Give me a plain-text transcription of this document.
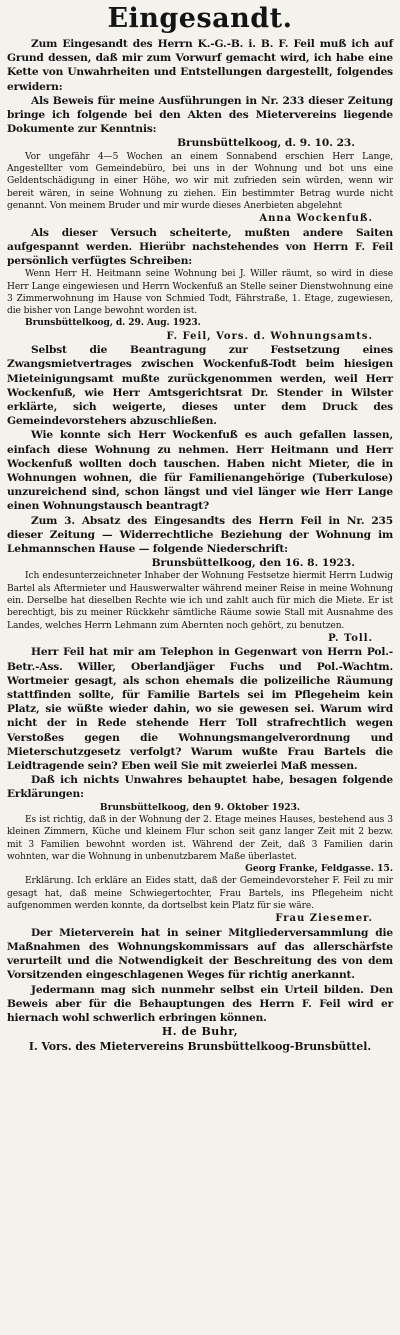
Eingesandt.

Zum Eingesandt des Herrn K.-G.-B. i. B. F. Feil muß ich auf Grund dessen, daß mir zum Vorwurf gemacht wird, ich habe eine Kette von Unwahrheiten und Entstellungen dargestellt, folgendes erwidern:

Als Beweis für meine Ausführungen in Nr. 233 dieser Zeitung bringe ich folgende bei den Akten des Mietervereins liegende Dokumente zur Kenntnis:

Brunsbüttelkoog, d. 9. 10. 23.

Vor ungefähr 4—5 Wochen an einem Sonnabend erschien Herr Lange, Angestellter vom Gemeindebüro, bei uns in der Wohnung und bot uns eine Geldentschädigung in einer Höhe, wo wir mit zufrieden sein würden, wenn wir bereit wären, in seine Wohnung zu ziehen. Ein bestimmter Betrag wurde nicht genannt. Von meinem Bruder und mir wurde dieses Anerbieten abgelehnt

Anna Wockenfuß.

Als dieser Versuch scheiterte, mußten andere Saiten aufgespannt werden. Hierübr nachstehendes von Herrn F. Feil persönlich verfügtes Schreiben:

Wenn Herr H. Heitmann seine Wohnung bei J. Willer räumt, so wird in diese Herr Lange eingewiesen und Herrn Wockenfuß an Stelle seiner Dienstwohnung eine 3 Zimmerwohnung im Hause von Schmied Todt, Fährstraße, 1. Etage, zugewiesen, die bisher von Lange bewohnt worden ist.

Brunsbüttelkoog, d. 29. Aug. 1923.

F. Feil, Vors. d. Wohnungsamts.

Selbst die Beantragung zur Festsetzung eines Zwangsmietvertrages zwischen Wockenfuß-Todt beim hiesigen Mieteinigungsamt mußte zurückgenommen werden, weil Herr Wockenfuß, wie Herr Amtsgerichtsrat Dr. Stender in Wilster erklärte, sich weigerte, dieses unter dem Druck des Gemeindevorstehers abzuschließen.

Wie konnte sich Herr Wockenfuß es auch gefallen lassen, einfach diese Wohnung zu nehmen. Herr Heitmann und Herr Wockenfuß wollten doch tauschen. Haben nicht Mieter, die in Wohnungen wohnen, die für Familienangehörige (Tuberkulose) unzureichend sind, schon längst und viel länger wie Herr Lange einen Wohnungstausch beantragt?

Zum 3. Absatz des Eingesandts des Herrn Feil in Nr. 235 dieser Zeitung — Widerrechtliche Beziehung der Wohnung im Lehmannschen Hause — folgende Niederschrift:

Brunsbüttelkoog, den 16. 8. 1923.

Ich endesunterzeichneter Inhaber der Wohnung Festsetze hiermit Herrn Ludwig Bartel als Aftermieter und Hauswerwalter während meiner Reise in meine Wohnung ein. Derselbe hat dieselben Rechte wie ich und zahlt auch für mich die Miete. Er ist berechtigt, bis zu meiner Rückkehr sämtliche Räume sowie Stall mit Ausnahme des Landes, welches Herrn Lehmann zum Abernten noch gehört, zu benutzen.

P. Toll.

Herr Feil hat mir am Telephon in Gegenwart von Herrn Pol.-Betr.-Ass. Willer, Oberlandjäger Fuchs und Pol.-Wachtm. Wortmeier gesagt, als schon ehemals die polizeiliche Räumung stattfinden sollte, für Familie Bartels sei im Pflegeheim kein Platz, sie wüßte wieder dahin, wo sie gewesen sei. Warum wird nicht der in Rede stehende Herr Toll strafrechtlich wegen Verstoßes gegen die Wohnungsmangelverordnung und Mieterschutzgesetz verfolgt? Warum wußte Frau Bartels die Leidtragende sein? Eben weil Sie mit zweierlei Maß messen.

Daß ich nichts Unwahres behauptet habe, besagen folgende Erklärungen:

Brunsbüttelkoog, den 9. Oktober 1923.

Es ist richtig, daß in der Wohnung der 2. Etage meines Hauses, bestehend aus 3 kleinen Zimmern, Küche und kleinem Flur schon seit ganz langer Zeit mit 2 bezw. mit 3 Familien bewohnt worden ist. Während der Zeit, daß 3 Familien darin wohnten, war die Wohnung in unbenutzbarem Maße überlastet.

Georg Franke, Feldgasse. 15.

Erklärung. Ich erkläre an Eides statt, daß der Gemeindevorsteher F. Feil zu mir gesagt hat, daß meine Schwiegertochter, Frau Bartels, ins Pflegeheim nicht aufgenommen werden konnte, da dortselbst kein Platz für sie wäre.

Frau Ziesemer.

Der Mieterverein hat in seiner Mitgliederversammlung die Maßnahmen des Wohnungskommissars auf das allerschärfste verurteilt und die Notwendigkeit der Beschreitung des von dem Vorsitzenden eingeschlagenen Weges für richtig anerkannt.

Jedermann mag sich nunmehr selbst ein Urteil bilden. Den Beweis aber für die Behauptungen des Herrn F. Feil wird er hiernach wohl schwerlich erbringen können.

H. de Buhr,

I. Vors. des Mietervereins Brunsbüttelkoog-Brunsbüttel.
